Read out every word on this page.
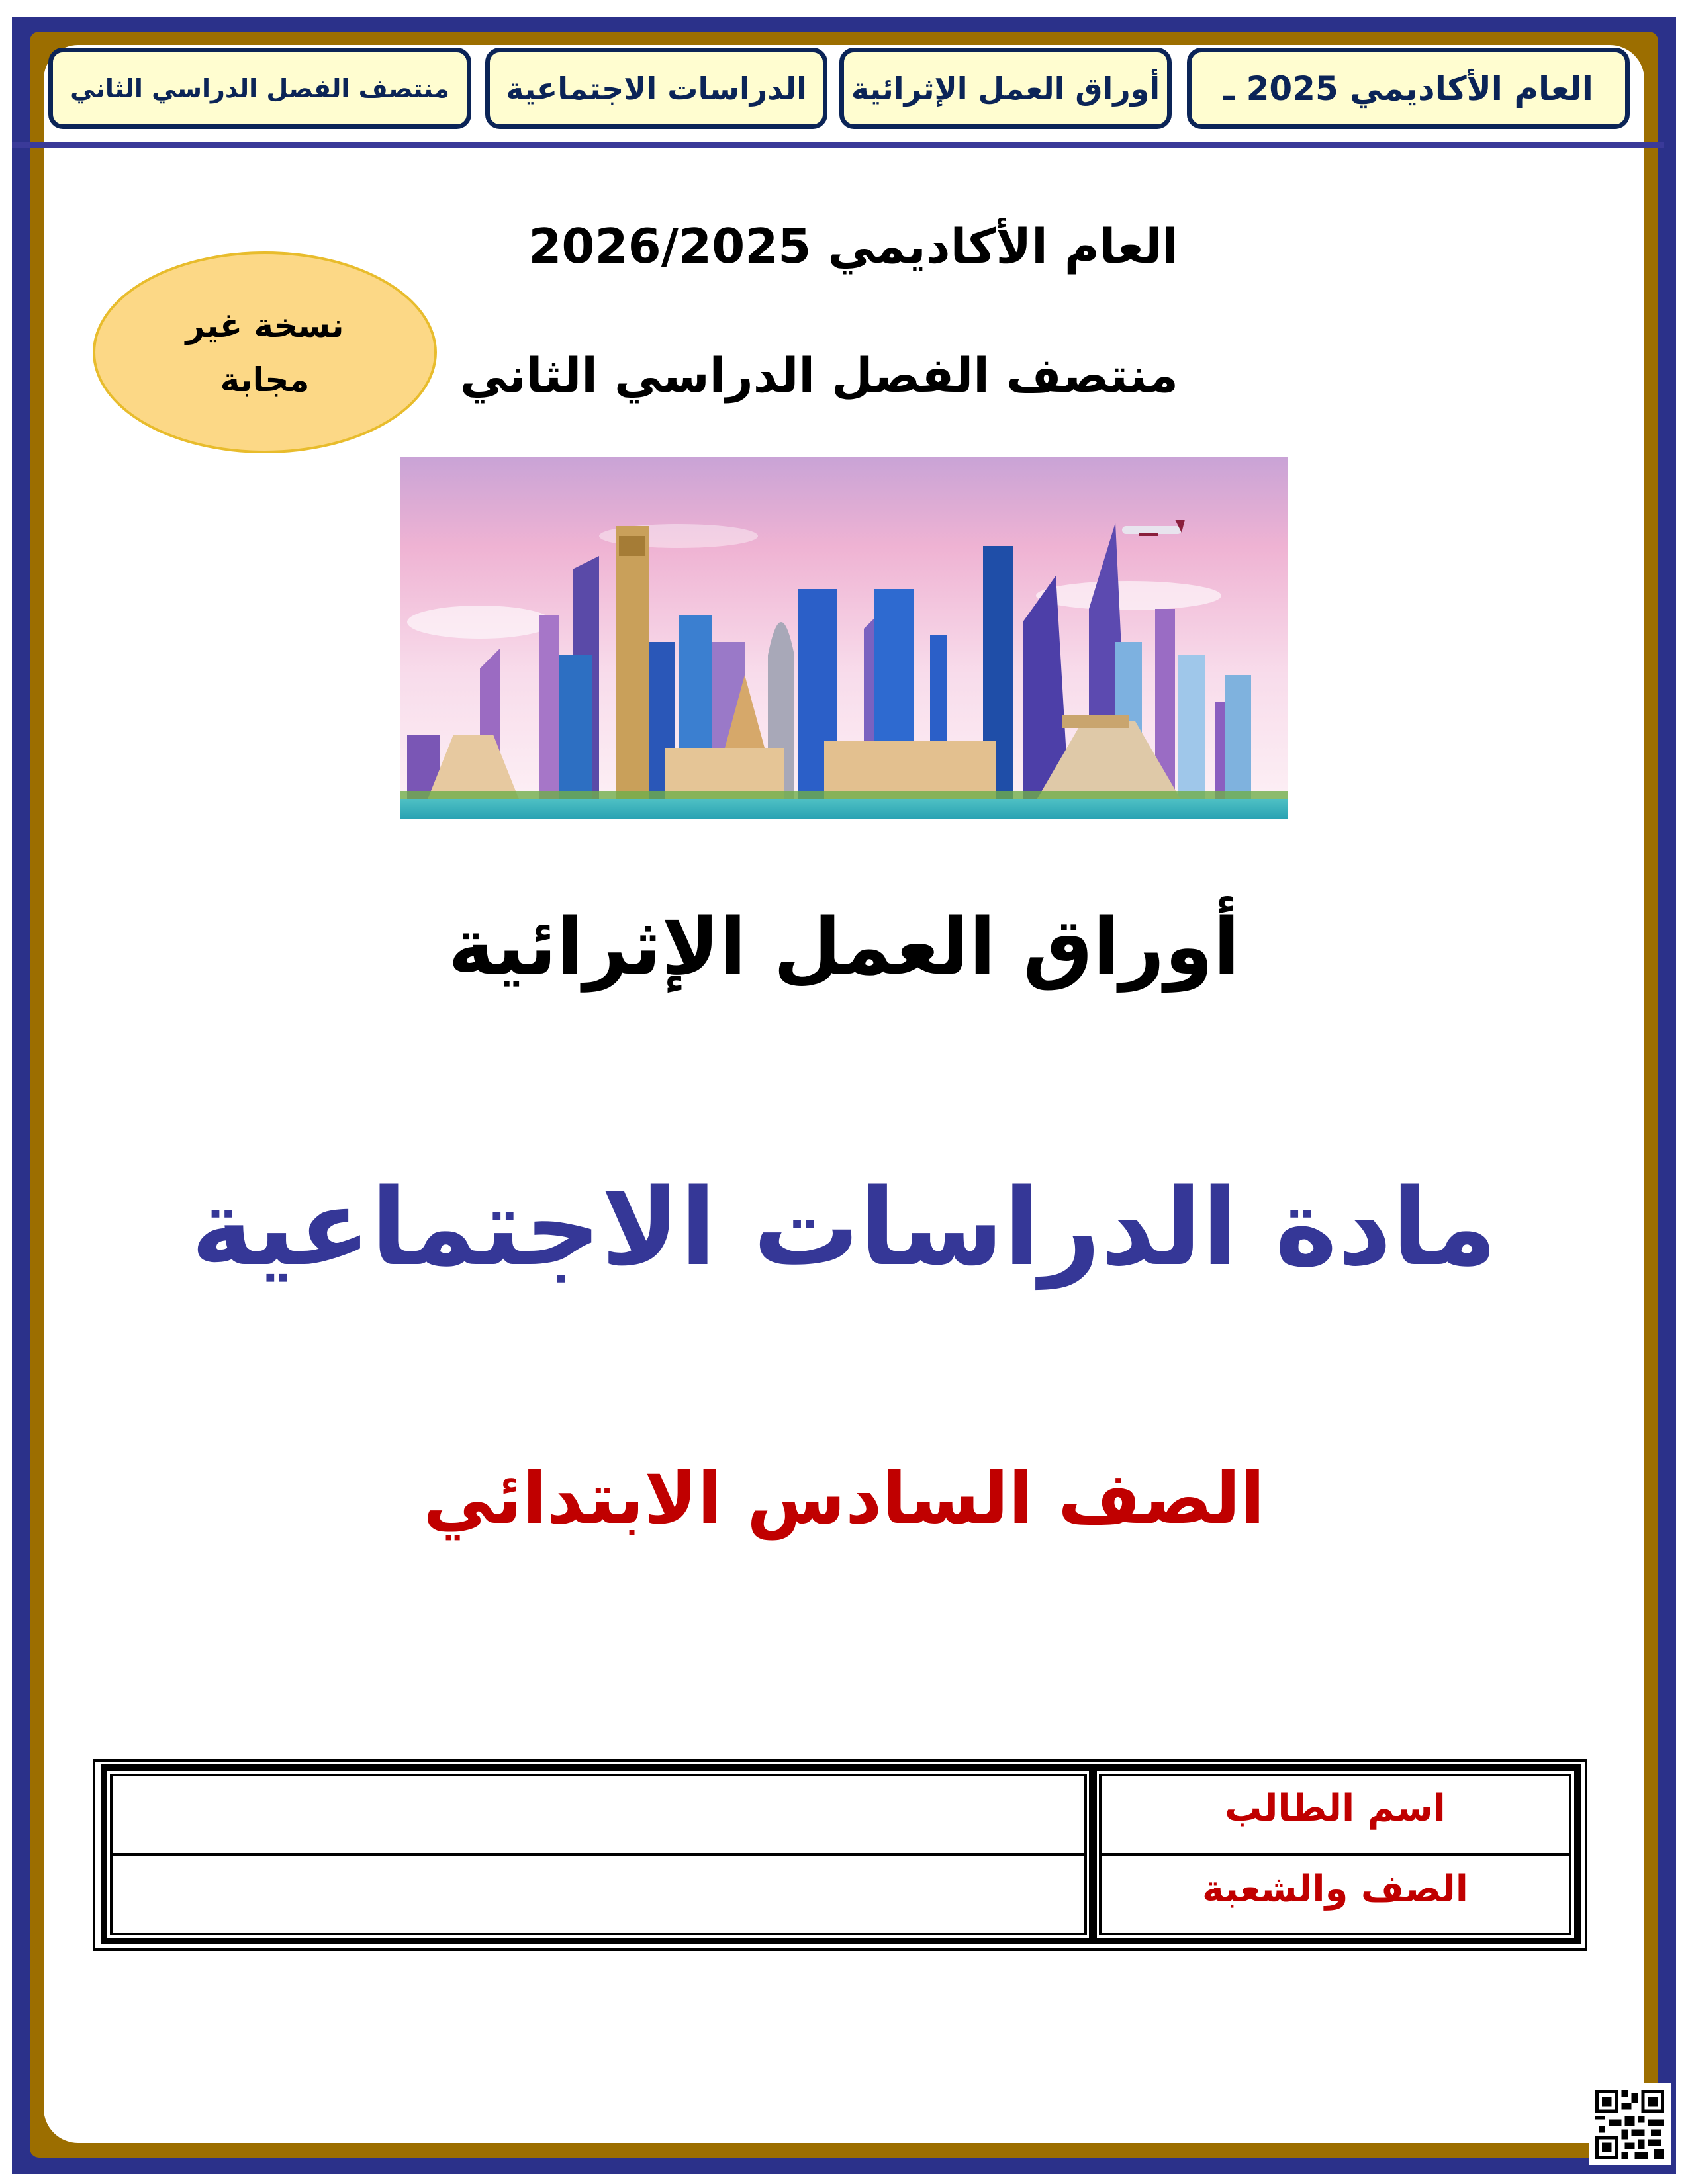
العام الأكاديمي 2025 ـ
أوراق العمل الإثرائية
الدراسات الاجتماعية
منتصف الفصل الدراسي الثاني
العام الأكاديمي 2026/2025
منتصف الفصل الدراسي الثاني
نسخة غير
مجابة
أوراق العمل الإثرائية
مادة الدراسات الاجتماعية
الصف السادس الابتدائي
اسم الطالب
الصف والشعبة
